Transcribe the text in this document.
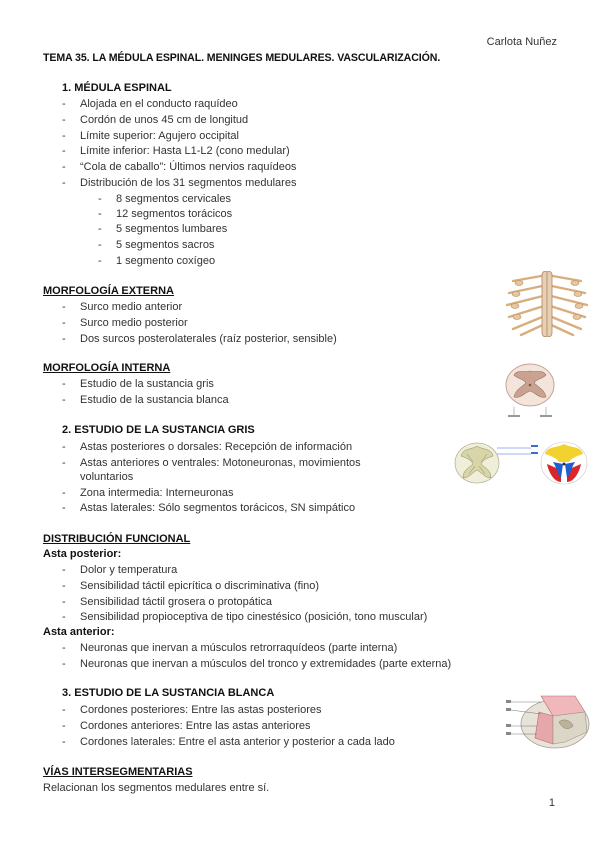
Carlota Nuñez
TEMA 35. LA MÉDULA ESPINAL. MENINGES MEDULARES. VASCULARIZACIÓN.
1. MÉDULA ESPINAL
- Alojada en el conducto raquídeo
- Cordón de unos 45 cm de longitud
- Límite superior: Agujero occipital
- Límite inferior: Hasta L1-L2 (cono medular)
- “Cola de caballo”: Últimos nervios raquídeos
- Distribución de los 31 segmentos medulares
- 8 segmentos cervicales
- 12 segmentos torácicos
- 5 segmentos lumbares
- 5 segmentos sacros
- 1 segmento coxígeo
MORFOLOGÍA EXTERNA
- Surco medio anterior
- Surco medio posterior
- Dos surcos posterolaterales (raíz posterior, sensible)
MORFOLOGÍA INTERNA
- Estudio de la sustancia gris
- Estudio de la sustancia blanca
2. ESTUDIO DE LA SUSTANCIA GRIS
- Astas posteriores o dorsales: Recepción de información
- Astas anteriores o ventrales: Motoneuronas, movimientos
voluntarios
- Zona intermedia: Interneuronas
- Astas laterales: Sólo segmentos torácicos, SN simpático
DISTRIBUCIÓN FUNCIONAL
Asta posterior:
- Dolor y temperatura
- Sensibilidad táctil epicrítica o discriminativa (fino)
- Sensibilidad táctil grosera o protopática
- Sensibilidad propioceptiva de tipo cinestésico (posición, tono muscular)
Asta anterior:
- Neuronas que inervan a músculos retrorraquídeos (parte interna)
- Neuronas que inervan a músculos del tronco y extremidades (parte externa)
3. ESTUDIO DE LA SUSTANCIA BLANCA
- Cordones posteriores: Entre las astas posteriores
- Cordones anteriores: Entre las astas anteriores
- Cordones laterales: Entre el asta anterior y posterior a cada lado
VÍAS INTERSEGMENTARIAS
Relacionan los segmentos medulares entre sí.
1
